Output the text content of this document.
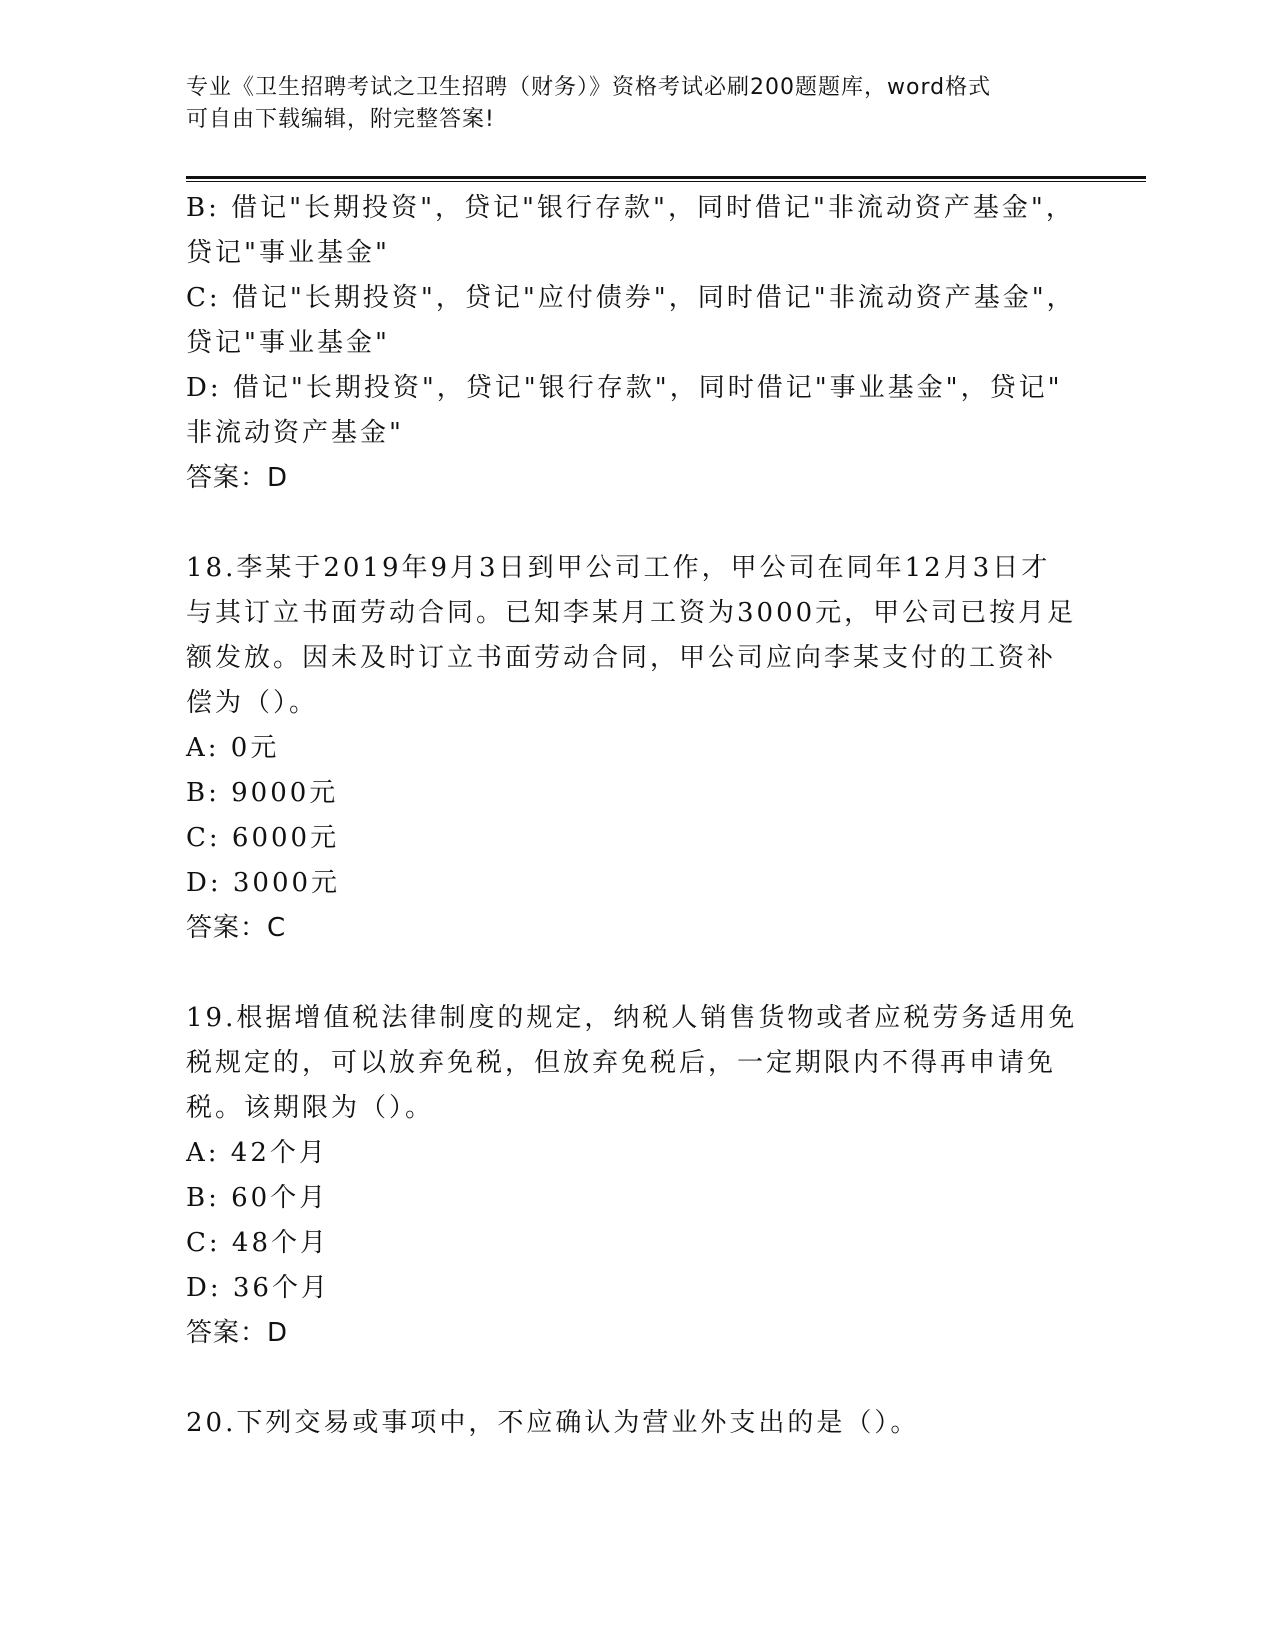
专业《卫生招聘考试之卫生招聘（财务）》资格考试必刷200题题库，word格式
可自由下载编辑，附完整答案!
B: 借记"长期投资"，贷记"银行存款"，同时借记"非流动资产基金"，
贷记"事业基金"
C: 借记"长期投资"，贷记"应付债券"，同时借记"非流动资产基金"，
贷记"事业基金"
D: 借记"长期投资"，贷记"银行存款"，同时借记"事业基金"，贷记"
非流动资产基金"
答案：D
18.李某于2019年9月3日到甲公司工作，甲公司在同年12月3日才
与其订立书面劳动合同。已知李某月工资为3000元，甲公司已按月足
额发放。因未及时订立书面劳动合同，甲公司应向李某支付的工资补
偿为（）。
A: 0元
B: 9000元
C: 6000元
D: 3000元
答案：C
19.根据增值税法律制度的规定，纳税人销售货物或者应税劳务适用免
税规定的，可以放弃免税，但放弃免税后，一定期限内不得再申请免
税。该期限为（）。
A: 42个月
B: 60个月
C: 48个月
D: 36个月
答案：D
20.下列交易或事项中，不应确认为营业外支出的是（）。
